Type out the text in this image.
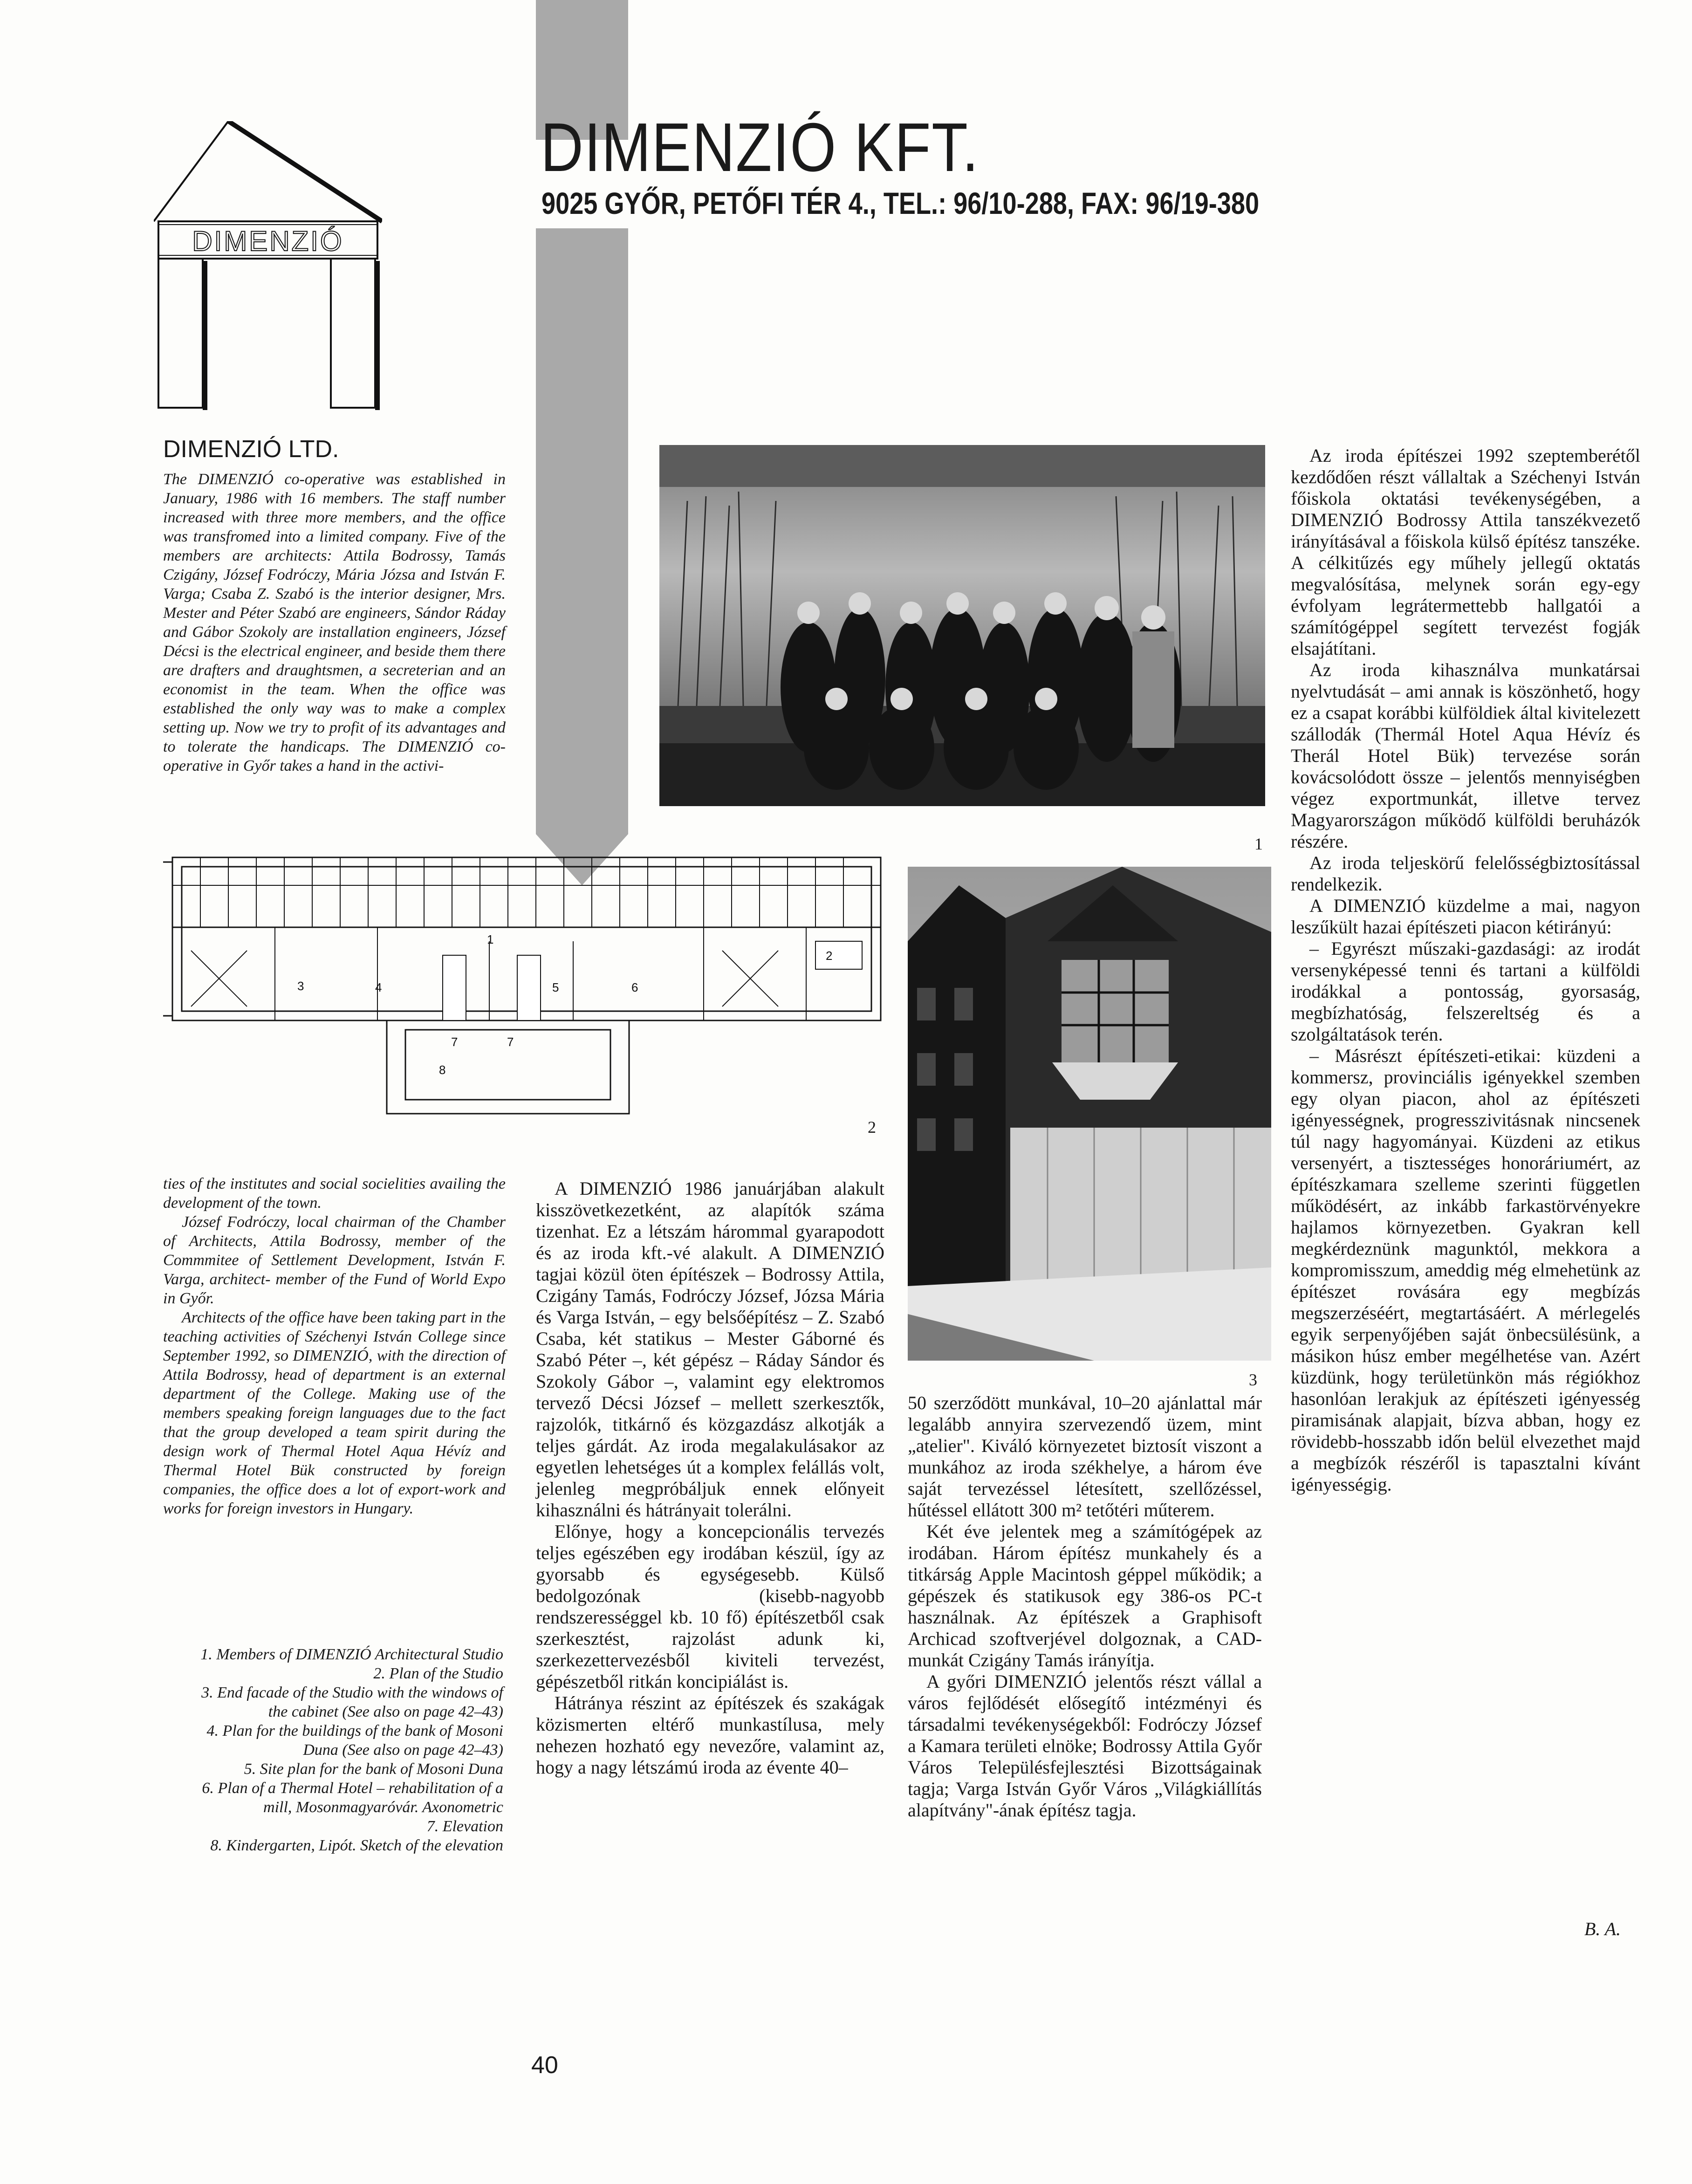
DIMENZIÓ KFT.
9025 GYŐR, PETŐFI TÉR 4., TEL.: 96/10-288, FAX: 96/19-380
DIMENZIÓ
DIMENZIÓ LTD.

The DIMENZIÓ co-operative was established in January, 1986 with 16 members. The staff number increased with three more members, and the office was transfromed into a limited company. Five of the members are architects: Attila Bodrossy, Tamás Czigány, József Fodróczy, Mária Józsa and István F. Varga; Csaba Z. Szabó is the interior designer, Mrs. Mester and Péter Szabó are engineers, Sándor Ráday and Gábor Szokoly are installation engineers, József Décsi is the electrical engineer, and beside them there are drafters and draughtsmen, a secreterian and an economist in the team. When the office was established the only way was to make a complex setting up. Now we try to profit of its advantages and to tolerate the handicaps. The DIMENZIÓ co-operative in Győr takes a hand in the activi-

ties of the institutes and social socielities availing the development of the town.

József Fodróczy, local chairman of the Chamber of Architects, Attila Bodrossy, member of the Commmitee of Settlement Development, István F. Varga, architect- member of the Fund of World Expo in Győr.

Architects of the office have been taking part in the teaching activities of Széchenyi István College since September 1992, so DIMENZIÓ, with the direction of Attila Bodrossy, head of department is an external department of the College. Making use of the members speaking foreign languages due to the fact that the group developed a team spirit during the design work of Thermal Hotel Aqua Hévíz and Thermal Hotel Bük constructed by foreign companies, the office does a lot of export-work and works for foreign investors in Hungary.

1. Members of DIMENZIÓ Architectural Studio
2. Plan of the Studio
3. End facade of the Studio with the windows of the cabinet (See also on page 42–43)
4. Plan for the buildings of the bank of Mosoni Duna (See also on page 42–43)
5. Site plan for the bank of Mosoni Duna
6. Plan of a Thermal Hotel – rehabilitation of a mill, Mosonmagyaróvár. Axonometric
7. Elevation
8. Kindergarten, Lipót. Sketch of the elevation
1
1
2
3	4	5	6
7	7
8
2
3

A DIMENZIÓ 1986 januárjában alakult kisszövetkezetként, az alapítók száma tizenhat. Ez a létszám hárommal gyarapodott és az iroda kft.-vé alakult. A DIMENZIÓ tagjai közül öten építészek – Bodrossy Attila, Czigány Tamás, Fodróczy József, Józsa Mária és Varga István, – egy belsőépítész – Z. Szabó Csaba, két statikus – Mester Gáborné és Szabó Péter –, két gépész – Ráday Sándor és Szokoly Gábor –, valamint egy elektromos tervező Décsi József – mellett szerkesztők, rajzolók, titkárnő és közgazdász alkotják a teljes gárdát. Az iroda megalakulásakor az egyetlen lehetséges út a komplex felállás volt, jelenleg megpróbáljuk ennek előnyeit kihasználni és hátrányait tolerálni.

Előnye, hogy a koncepcionális tervezés teljes egészében egy irodában készül, így az gyorsabb és egységesebb. Külső bedolgozónak (kisebb-nagyobb rendszerességgel kb. 10 fő) építészetből csak szerkesztést, rajzolást adunk ki, szerkezettervezésből kiviteli tervezést, gépészetből ritkán koncipiálást is.

Hátránya részint az építészek és szakágak közismerten eltérő munkastílusa, mely nehezen hozható egy nevezőre, valamint az, hogy a nagy létszámú iroda az évente 40–

50 szerződött munkával, 10–20 ajánlattal már legalább annyira szervezendő üzem, mint „atelier". Kiváló környezetet biztosít viszont a munkához az iroda székhelye, a három éve saját tervezéssel létesített, szellőzéssel, hűtéssel ellátott 300 m² tetőtéri műterem.

Két éve jelentek meg a számítógépek az irodában. Három építész munkahely és a titkárság Apple Macintosh géppel működik; a gépészek és statikusok egy 386-os PC-t használnak. Az építészek a Graphisoft Archicad szoftverjével dolgoznak, a CAD-munkát Czigány Tamás irányítja.

A győri DIMENZIÓ jelentős részt vállal a város fejlődését elősegítő intézményi és társadalmi tevékenységekből: Fodróczy József a Kamara területi elnöke; Bodrossy Attila Győr Város Településfejlesztési Bizottságainak tagja; Varga István Győr Város „Világkiállítás alapítvány"-ának építész tagja.

Az iroda építészei 1992 szeptemberétől kezdődően részt vállaltak a Széchenyi István főiskola oktatási tevékenységében, a DIMENZIÓ Bodrossy Attila tanszékvezető irányításával a főiskola külső építész tanszéke. A célkitűzés egy műhely jellegű oktatás megvalósítása, melynek során egy-egy évfolyam legrátermettebb hallgatói a számítógéppel segített tervezést fogják elsajátítani.

Az iroda kihasználva munkatársai nyelvtudását – ami annak is köszönhető, hogy ez a csapat korábbi külföldiek által kivitelezett szállodák (Thermál Hotel Aqua Hévíz és Therál Hotel Bük) tervezése során kovácsolódott össze – jelentős mennyiségben végez exportmunkát, illetve tervez Magyarországon működő külföldi beruházók részére.

Az iroda teljeskörű felelősségbiztosítással rendelkezik.

A DIMENZIÓ küzdelme a mai, nagyon leszűkült hazai építészeti piacon kétirányú:

– Egyrészt műszaki-gazdasági: az irodát versenyképessé tenni és tartani a külföldi irodákkal a pontosság, gyorsaság, megbízhatóság, felszereltség és a szolgáltatások terén.

– Másrészt építészeti-etikai: küzdeni a kommersz, provinciális igényekkel szemben egy olyan piacon, ahol az építészeti igényességnek, progresszivitásnak nincsenek túl nagy hagyományai. Küzdeni az etikus versenyért, a tisztességes honoráriumért, az építészkamara szelleme szerinti független működésért, az inkább farkastörvényekre hajlamos környezetben. Gyakran kell megkérdeznünk magunktól, mekkora a kompromisszum, ameddig még elmehetünk az építészet rovására egy megbízás megszerzéséért, megtartásáért. A mérlegelés egyik serpenyőjében saját önbecsülésünk, a másikon húsz ember megélhetése van. Azért küzdünk, hogy területünkön más régiókhoz hasonlóan lerakjuk az építészeti igényesség piramisának alapjait, bízva abban, hogy ez rövidebb-hosszabb időn belül elvezethet majd a megbízók részéről is tapasztalni kívánt igényességig.

B. A.
40
